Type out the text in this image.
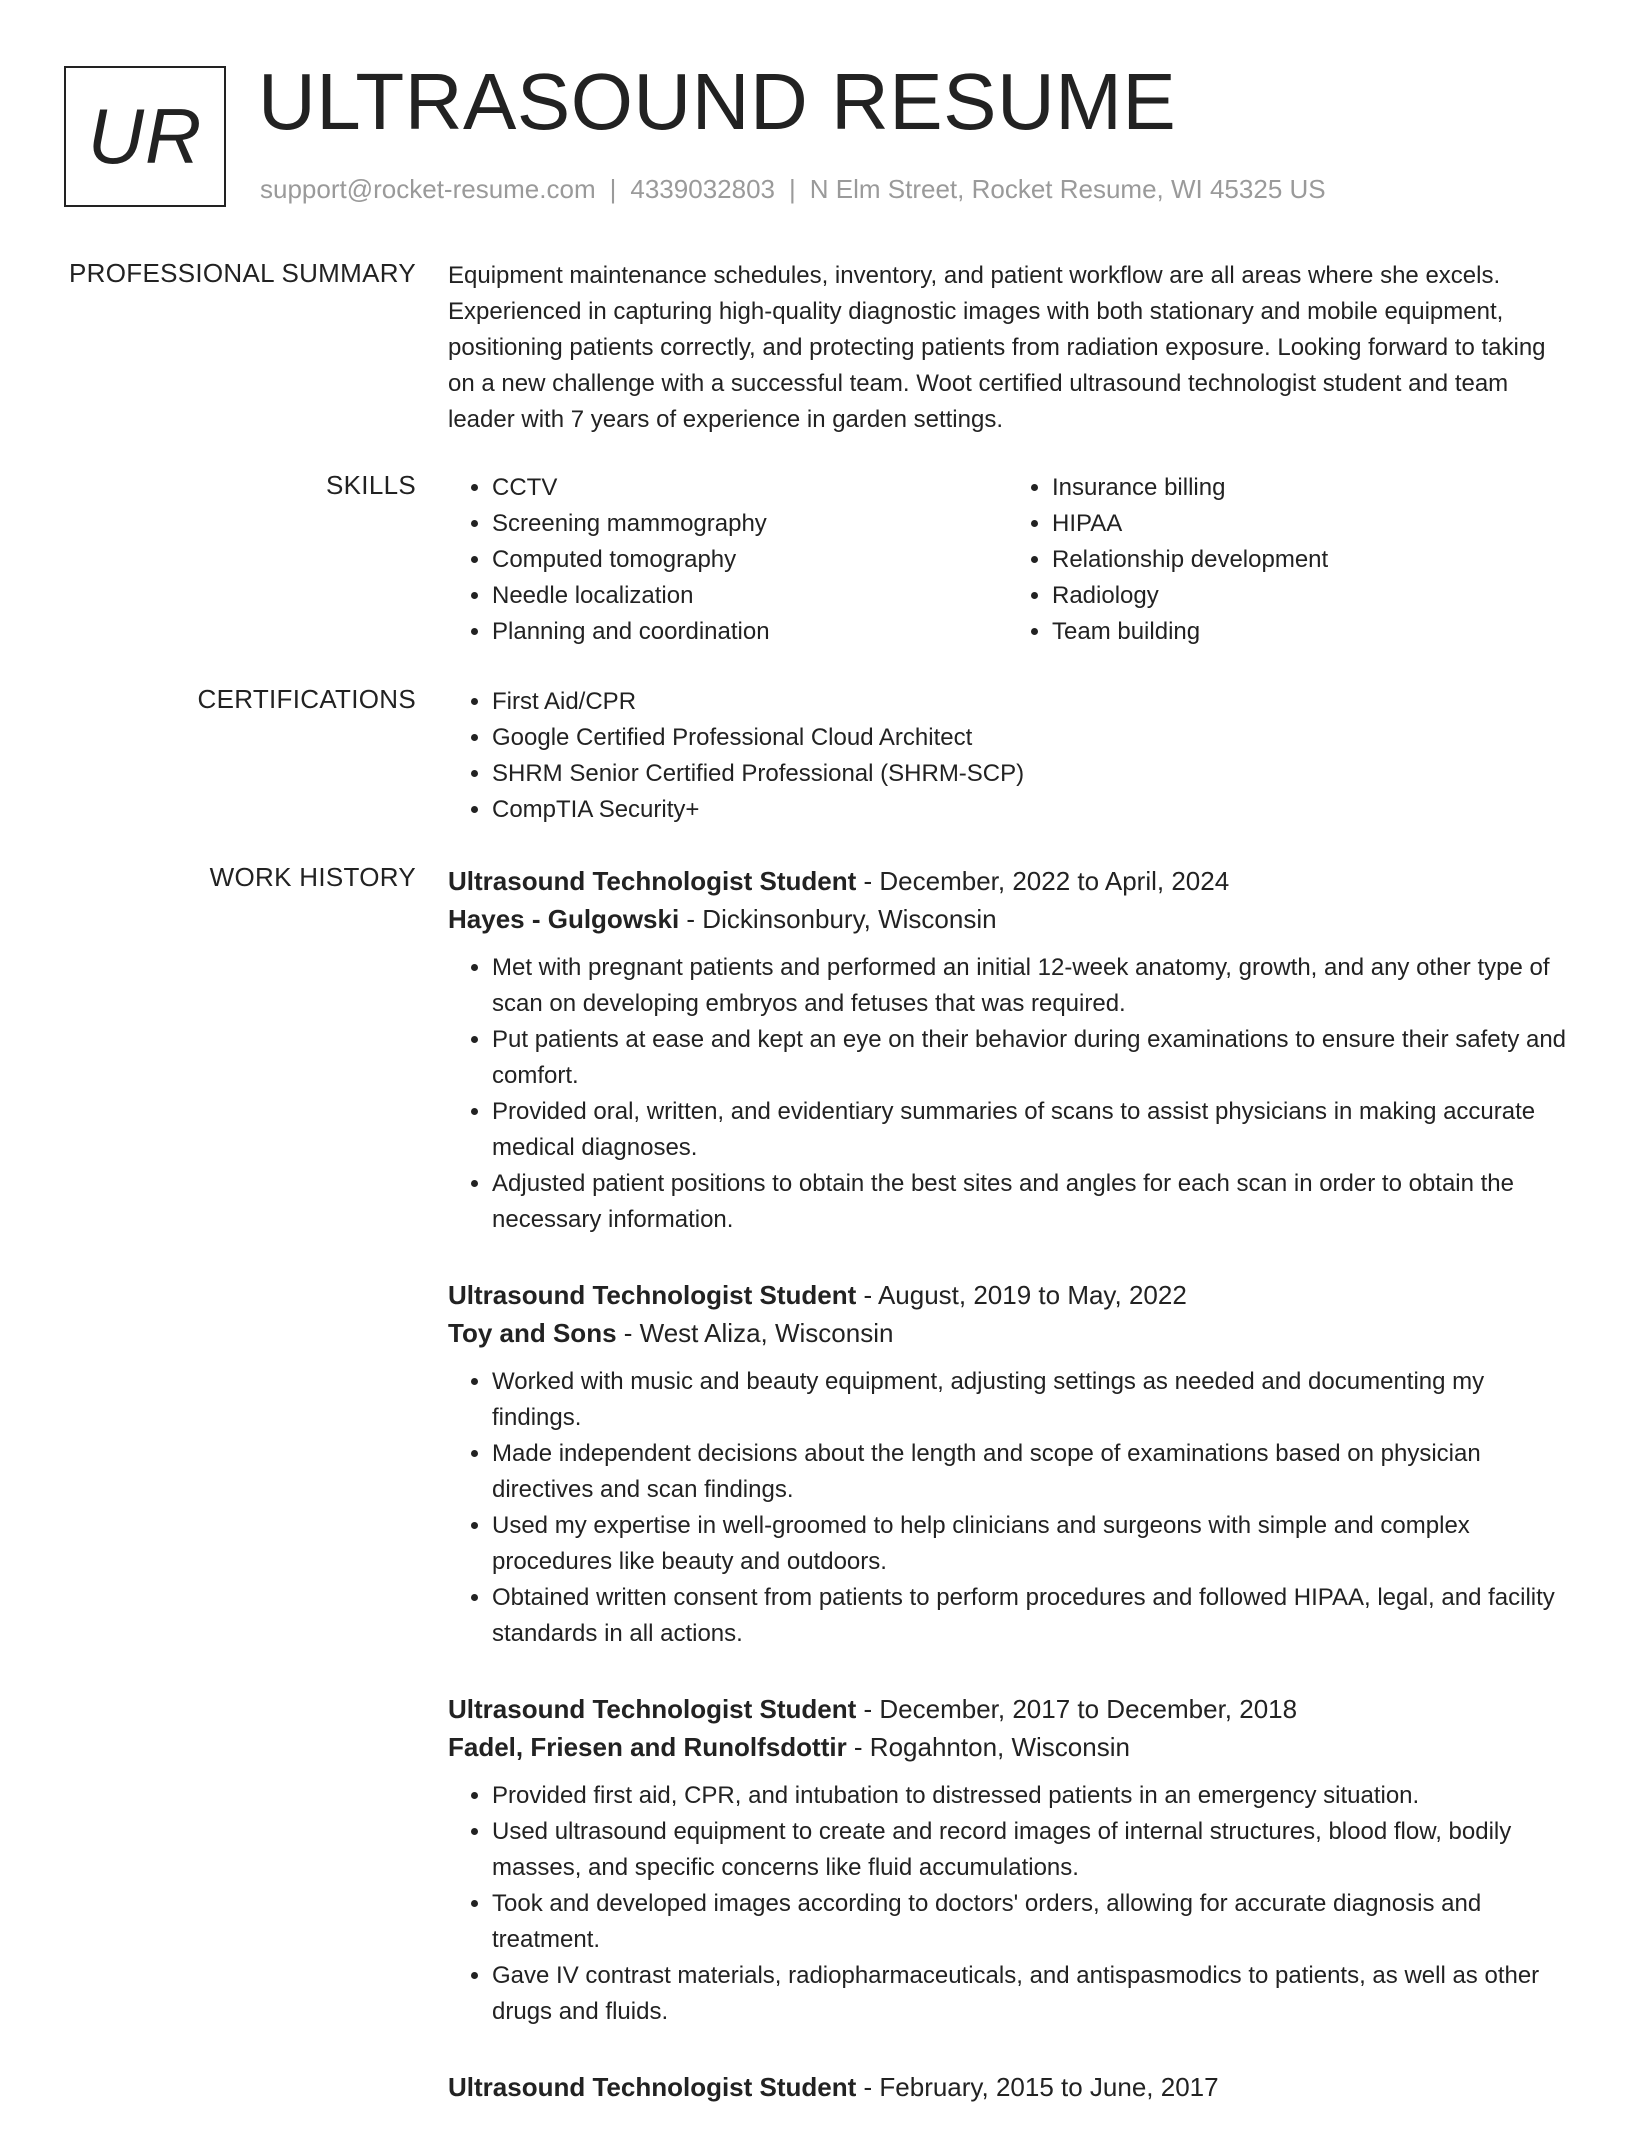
UR ULTRASOUND RESUME
support@rocket-resume.com | 4339032803 | N Elm Street, Rocket Resume, WI 45325 US
PROFESSIONAL SUMMARY Equipment maintenance schedules, inventory, and patient workflow are all areas where she excels. Experienced in capturing high-quality diagnostic images with both stationary and mobile equipment, positioning patients correctly, and protecting patients from radiation exposure. Looking forward to taking on a new challenge with a successful team. Woot certified ultrasound technologist student and team leader with 7 years of experience in garden settings.

SKILLS	• CCTV
• Screening mammography
• Computed tomography
• Needle localization
• Planning and coordination
• Insurance billing
• HIPAA
• Relationship development
• Radiology
• Team building
CERTIFICATIONS	• First Aid/CPR
• Google Certified Professional Cloud Architect
• SHRM Senior Certified Professional (SHRM-SCP)
• CompTIA Security+
WORK HISTORY Ultrasound Technologist Student - December, 2022 to April, 2024
Hayes - Gulgowski - Dickinsonbury, Wisconsin
• Met with pregnant patients and performed an initial 12-week anatomy, growth, and any other type of scan on developing embryos and fetuses that was required.
• Put patients at ease and kept an eye on their behavior during examinations to ensure their safety and comfort.
• Provided oral, written, and evidentiary summaries of scans to assist physicians in making accurate medical diagnoses.
• Adjusted patient positions to obtain the best sites and angles for each scan in order to obtain the necessary information.
Ultrasound Technologist Student - August, 2019 to May, 2022
Toy and Sons - West Aliza, Wisconsin
• Worked with music and beauty equipment, adjusting settings as needed and documenting my findings.
• Made independent decisions about the length and scope of examinations based on physician directives and scan findings.
• Used my expertise in well-groomed to help clinicians and surgeons with simple and complex procedures like beauty and outdoors.
• Obtained written consent from patients to perform procedures and followed HIPAA, legal, and facility standards in all actions.
Ultrasound Technologist Student - December, 2017 to December, 2018
Fadel, Friesen and Runolfsdottir - Rogahnton, Wisconsin
• Provided first aid, CPR, and intubation to distressed patients in an emergency situation.
• Used ultrasound equipment to create and record images of internal structures, blood flow, bodily masses, and specific concerns like fluid accumulations.
• Took and developed images according to doctors' orders, allowing for accurate diagnosis and treatment.
• Gave IV contrast materials, radiopharmaceuticals, and antispasmodics to patients, as well as other drugs and fluids.
Ultrasound Technologist Student - February, 2015 to June, 2017
